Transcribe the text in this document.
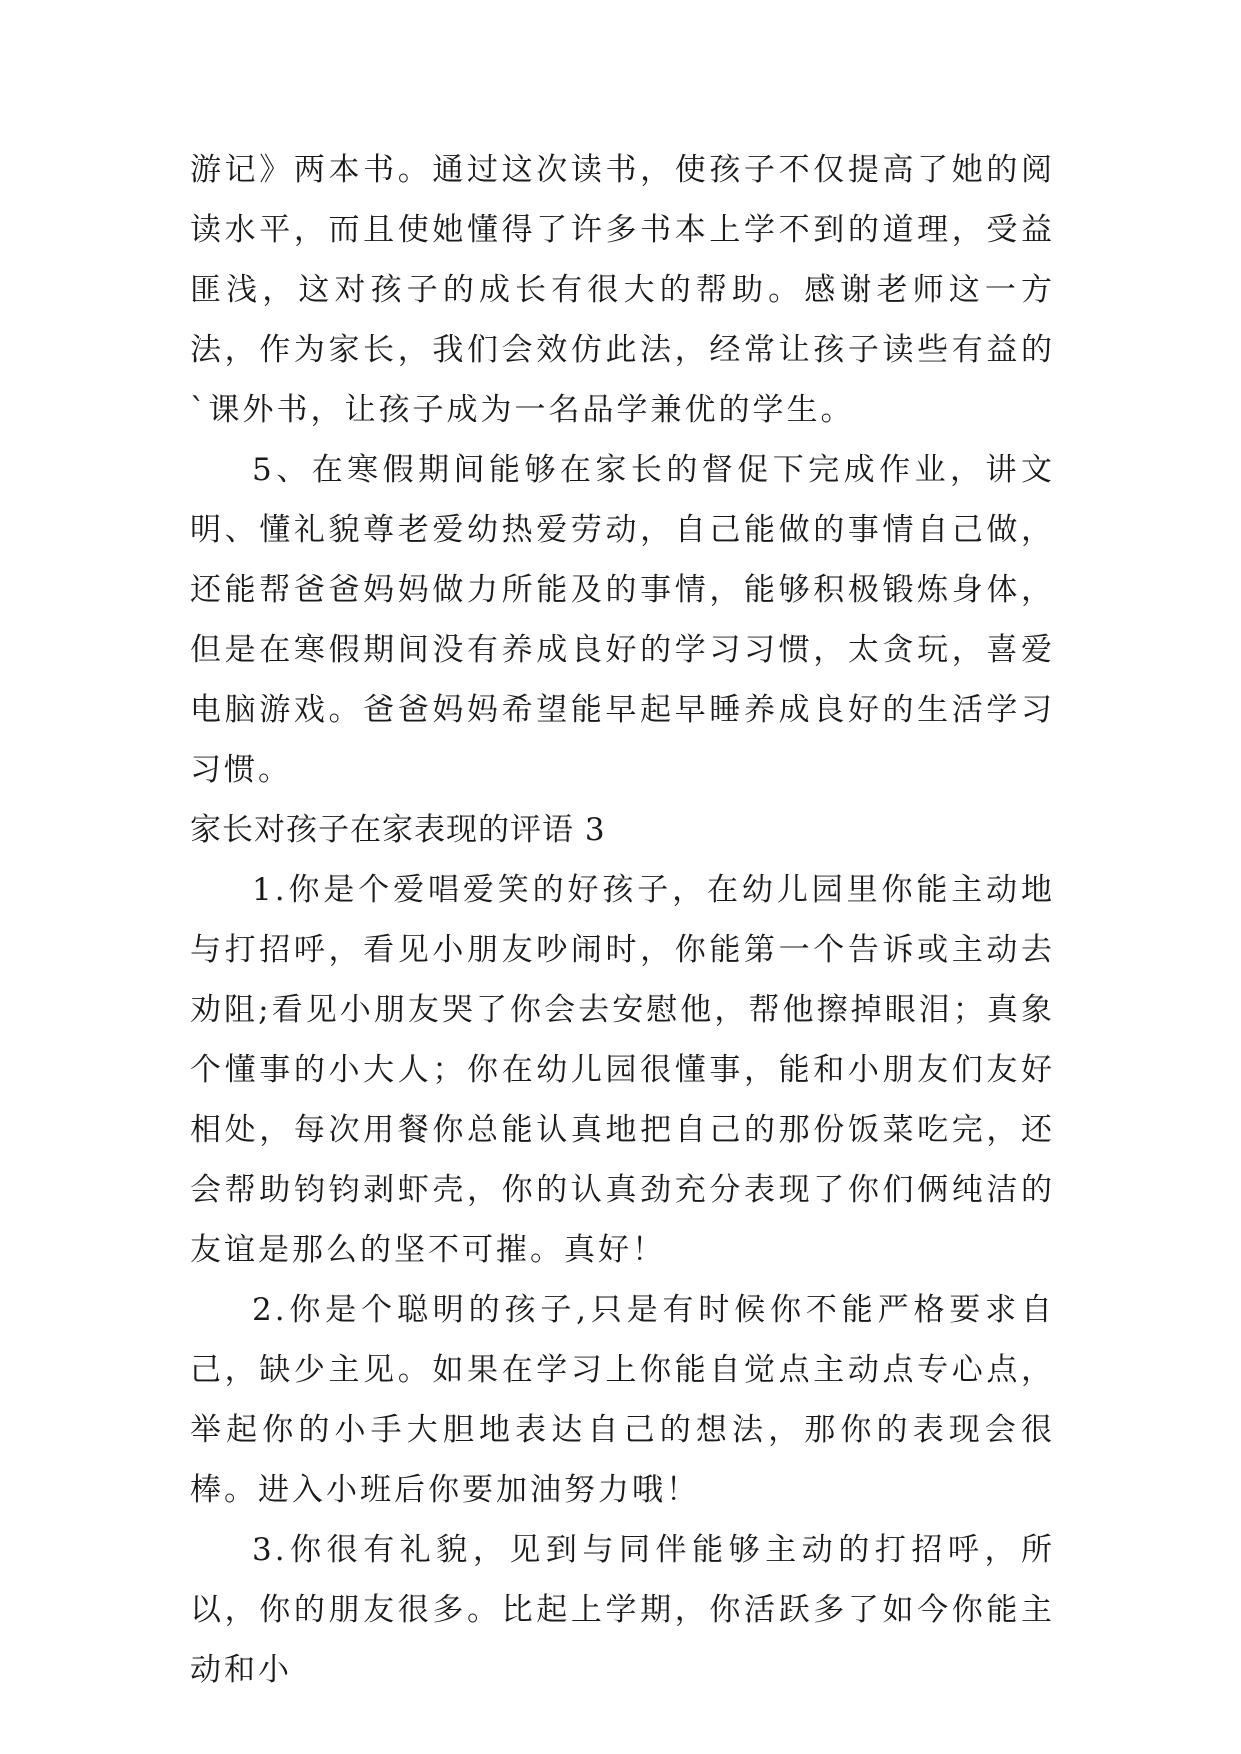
游记》两本书。通过这次读书，使孩子不仅提高了她的阅读水平，而且使她懂得了许多书本上学不到的道理，受益匪浅，这对孩子的成长有很大的帮助。感谢老师这一方法，作为家长，我们会效仿此法，经常让孩子读些有益的`课外书，让孩子成为一名品学兼优的学生。

5、在寒假期间能够在家长的督促下完成作业，讲文明、懂礼貌尊老爱幼热爱劳动，自己能做的事情自己做，还能帮爸爸妈妈做力所能及的事情，能够积极锻炼身体，但是在寒假期间没有养成良好的学习习惯，太贪玩，喜爱电脑游戏。爸爸妈妈希望能早起早睡养成良好的生活学习习惯。

家长对孩子在家表现的评语 3

1.你是个爱唱爱笑的好孩子，在幼儿园里你能主动地与打招呼，看见小朋友吵闹时，你能第一个告诉或主动去劝阻;看见小朋友哭了你会去安慰他，帮他擦掉眼泪；真象个懂事的小大人；你在幼儿园很懂事，能和小朋友们友好相处，每次用餐你总能认真地把自己的那份饭菜吃完，还会帮助钧钧剥虾壳，你的认真劲充分表现了你们俩纯洁的友谊是那么的坚不可摧。真好！

2.你是个聪明的孩子,只是有时候你不能严格要求自己，缺少主见。如果在学习上你能自觉点主动点专心点，举起你的小手大胆地表达自己的想法，那你的表现会很棒。进入小班后你要加油努力哦！

3.你很有礼貌，见到与同伴能够主动的打招呼，所以，你的朋友很多。比起上学期，你活跃多了如今你能主动和小
